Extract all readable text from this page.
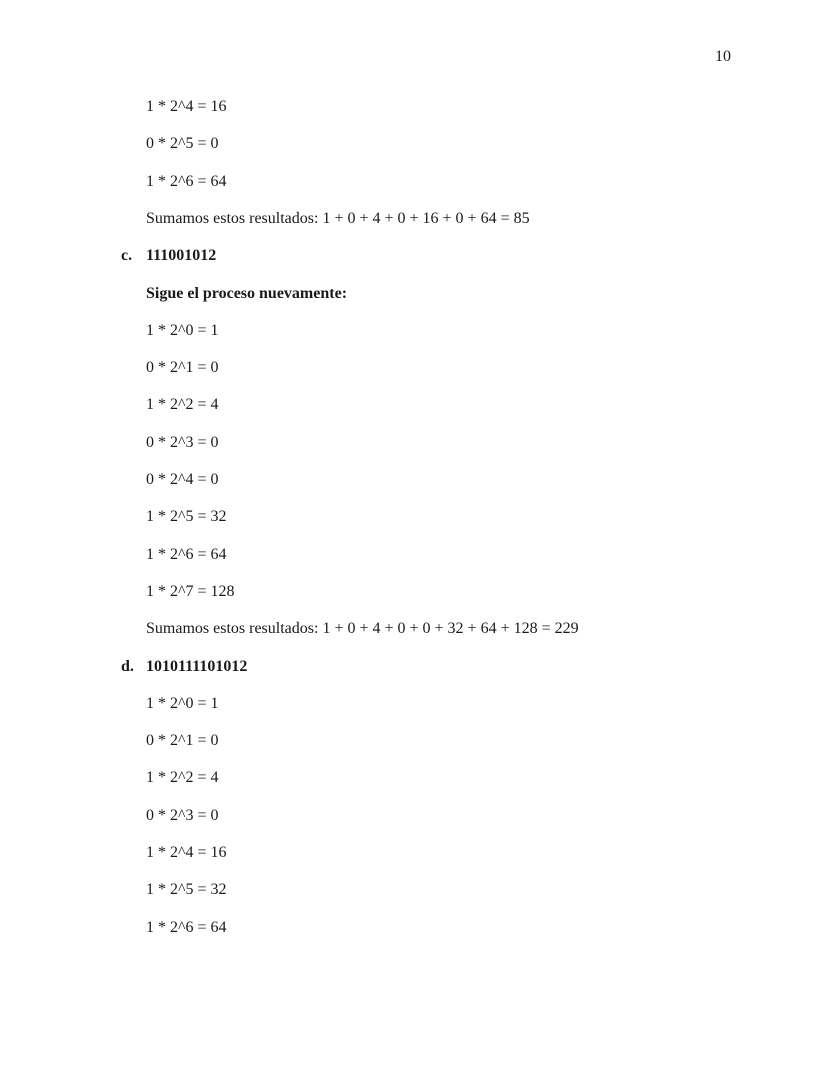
10
1 * 2^4 = 16
0 * 2^5 = 0
1 * 2^6 = 64
Sumamos estos resultados: 1 + 0 + 4 + 0 + 16 + 0 + 64 = 85
c. 111001012
Sigue el proceso nuevamente:
1 * 2^0 = 1
0 * 2^1 = 0
1 * 2^2 = 4
0 * 2^3 = 0
0 * 2^4 = 0
1 * 2^5 = 32
1 * 2^6 = 64
1 * 2^7 = 128
Sumamos estos resultados: 1 + 0 + 4 + 0 + 0 + 32 + 64 + 128 = 229
d. 1010111101012
1 * 2^0 = 1
0 * 2^1 = 0
1 * 2^2 = 4
0 * 2^3 = 0
1 * 2^4 = 16
1 * 2^5 = 32
1 * 2^6 = 64
